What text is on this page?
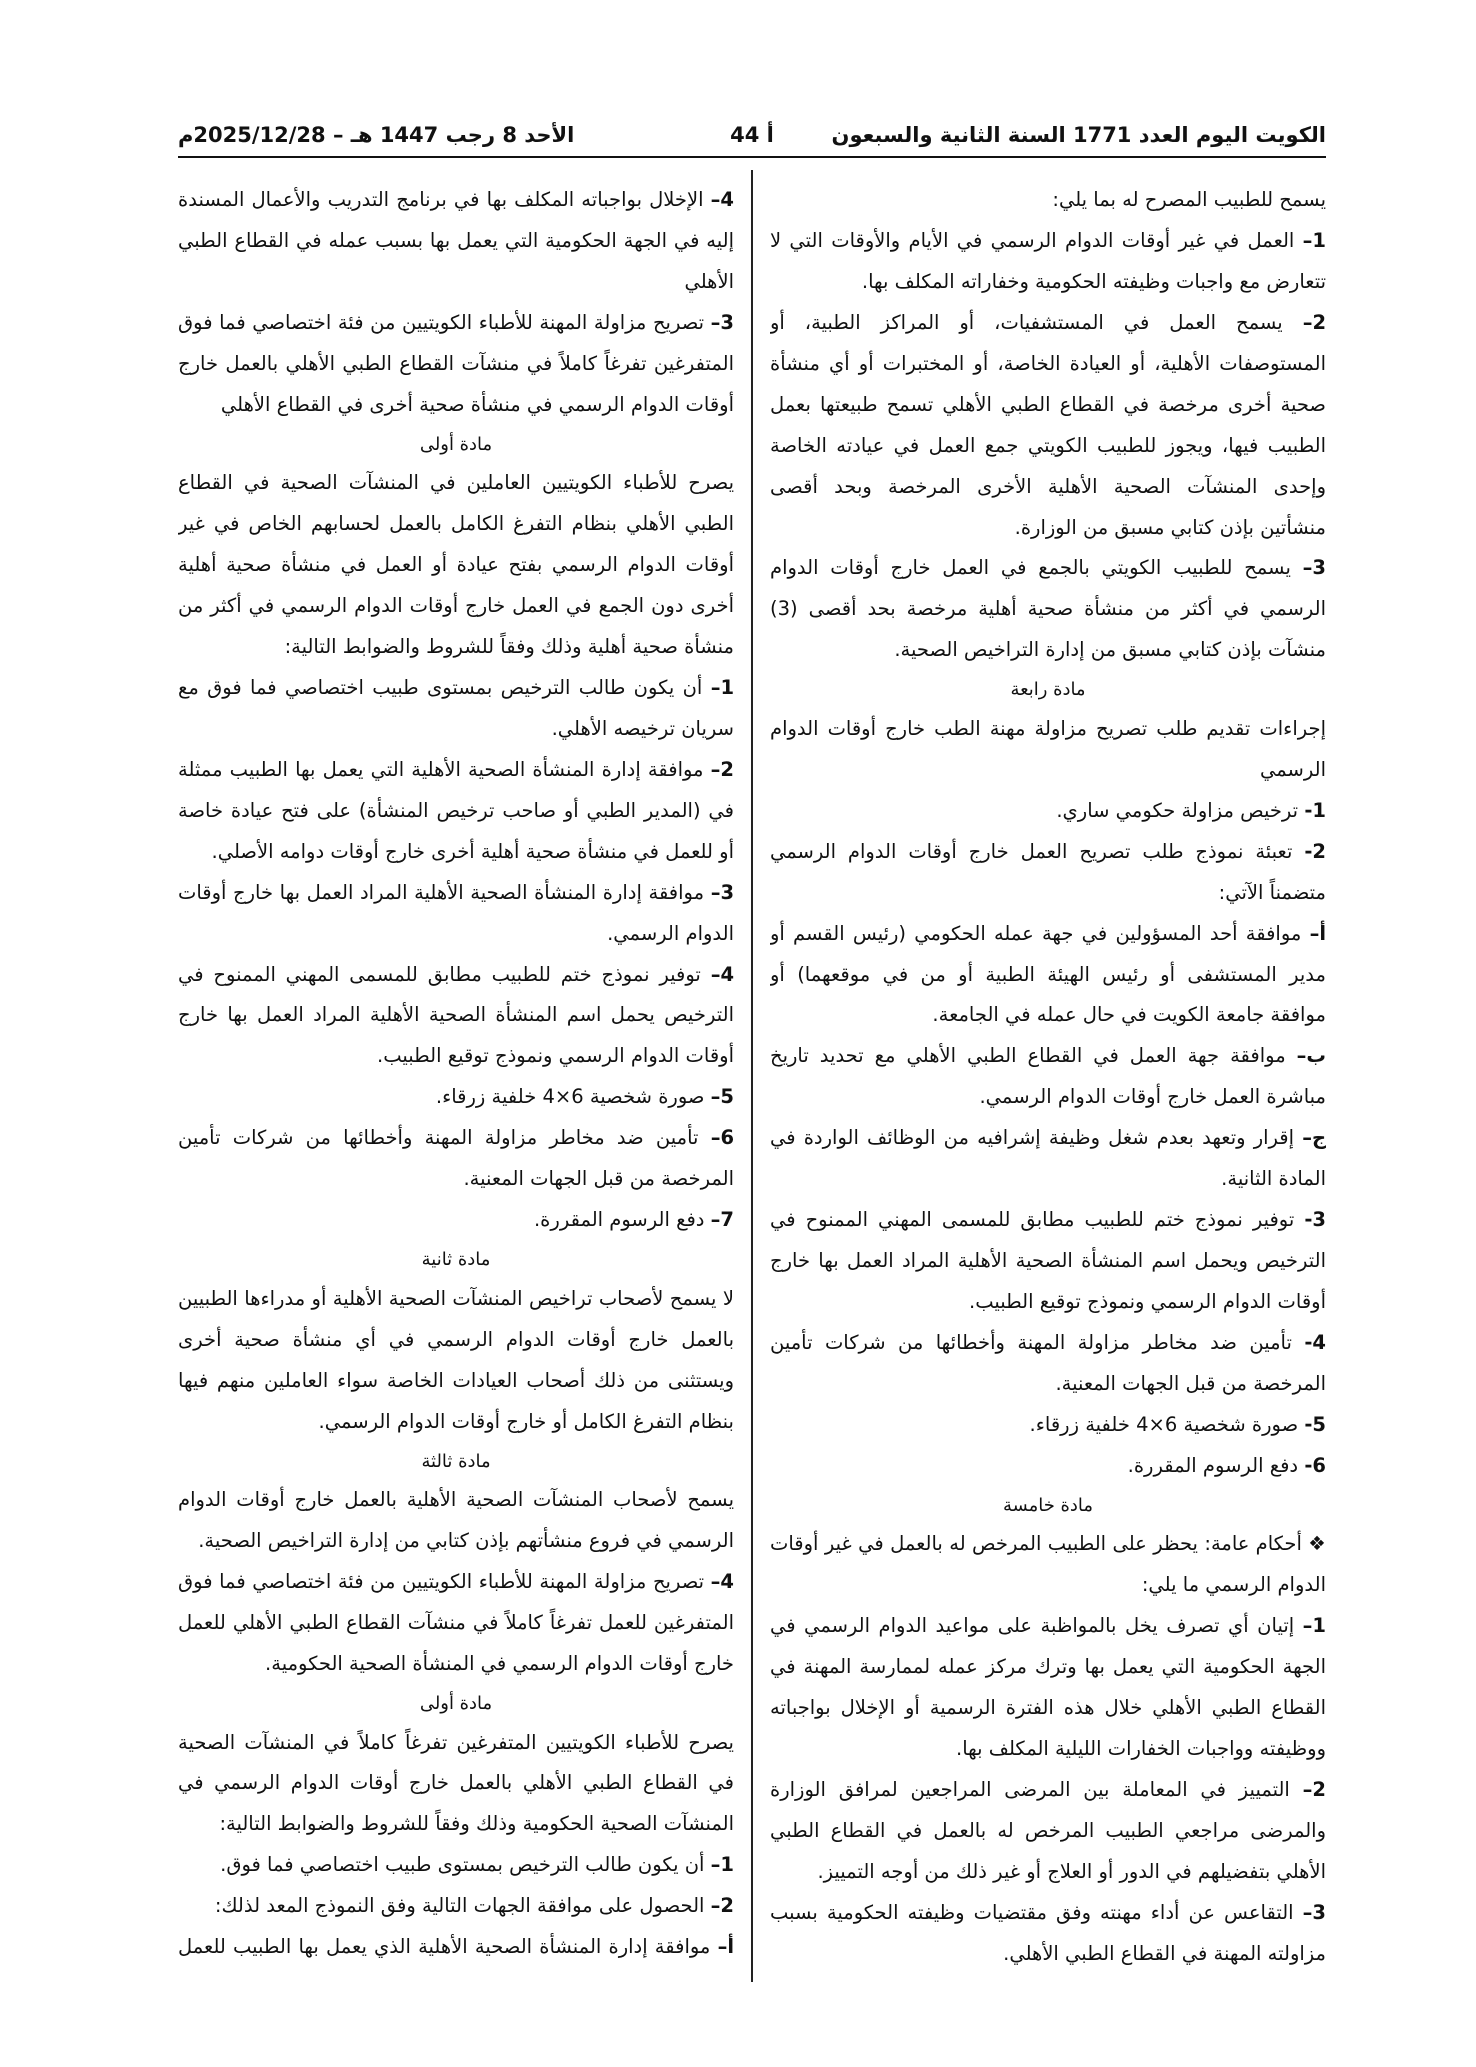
الكويت اليوم العدد 1771 السنة الثانية والسبعون
أ 44
الأحد 8 رجب 1447 هـ – 2025/12/28م

يسمح للطبيب المصرح له بما يلي:

1– العمل في غير أوقات الدوام الرسمي في الأيام والأوقات التي لا تتعارض مع واجبات وظيفته الحكومية وخفاراته المكلف بها.

2– يسمح العمل في المستشفيات، أو المراكز الطبية، أو المستوصفات الأهلية، أو العيادة الخاصة، أو المختبرات أو أي منشأة صحية أخرى مرخصة في القطاع الطبي الأهلي تسمح طبيعتها بعمل الطبيب فيها، ويجوز للطبيب الكويتي جمع العمل في عيادته الخاصة وإحدى المنشآت الصحية الأهلية الأخرى المرخصة وبحد أقصى منشأتين بإذن كتابي مسبق من الوزارة.

3– يسمح للطبيب الكويتي بالجمع في العمل خارج أوقات الدوام الرسمي في أكثر من منشأة صحية أهلية مرخصة بحد أقصى (3) منشآت بإذن كتابي مسبق من إدارة التراخيص الصحية.

مادة رابعة

إجراءات تقديم طلب تصريح مزاولة مهنة الطب خارج أوقات الدوام الرسمي

1- ترخيص مزاولة حكومي ساري.

2- تعبئة نموذج طلب تصريح العمل خارج أوقات الدوام الرسمي متضمناً الآتي:

أ– موافقة أحد المسؤولين في جهة عمله الحكومي (رئيس القسم أو مدير المستشفى أو رئيس الهيئة الطبية أو من في موقعهما) أو موافقة جامعة الكويت في حال عمله في الجامعة.

ب– موافقة جهة العمل في القطاع الطبي الأهلي مع تحديد تاريخ مباشرة العمل خارج أوقات الدوام الرسمي.

ج– إقرار وتعهد بعدم شغل وظيفة إشرافيه من الوظائف الواردة في المادة الثانية.

3- توفير نموذج ختم للطبيب مطابق للمسمى المهني الممنوح في الترخيص ويحمل اسم المنشأة الصحية الأهلية المراد العمل بها خارج أوقات الدوام الرسمي ونموذج توقيع الطبيب.

4- تأمين ضد مخاطر مزاولة المهنة وأخطائها من شركات تأمين المرخصة من قبل الجهات المعنية.

5- صورة شخصية 4×6 خلفية زرقاء.

6- دفع الرسوم المقررة.

مادة خامسة

❖ أحكام عامة: يحظر على الطبيب المرخص له بالعمل في غير أوقات الدوام الرسمي ما يلي:

1– إتيان أي تصرف يخل بالمواظبة على مواعيد الدوام الرسمي في الجهة الحكومية التي يعمل بها وترك مركز عمله لممارسة المهنة في القطاع الطبي الأهلي خلال هذه الفترة الرسمية أو الإخلال بواجباته ووظيفته وواجبات الخفارات الليلية المكلف بها.

2– التمييز في المعاملة بين المرضى المراجعين لمرافق الوزارة والمرضى مراجعي الطبيب المرخص له بالعمل في القطاع الطبي الأهلي بتفضيلهم في الدور أو العلاج أو غير ذلك من أوجه التمييز.

3– التقاعس عن أداء مهنته وفق مقتضيات وظيفته الحكومية بسبب مزاولته المهنة في القطاع الطبي الأهلي.

4– الإخلال بواجباته المكلف بها في برنامج التدريب والأعمال المسندة إليه في الجهة الحكومية التي يعمل بها بسبب عمله في القطاع الطبي الأهلي

3– تصريح مزاولة المهنة للأطباء الكويتيين من فئة اختصاصي فما فوق المتفرغين تفرغاً كاملاً في منشآت القطاع الطبي الأهلي بالعمل خارج أوقات الدوام الرسمي في منشأة صحية أخرى في القطاع الأهلي

مادة أولى

يصرح للأطباء الكويتيين العاملين في المنشآت الصحية في القطاع الطبي الأهلي بنظام التفرغ الكامل بالعمل لحسابهم الخاص في غير أوقات الدوام الرسمي بفتح عيادة أو العمل في منشأة صحية أهلية أخرى دون الجمع في العمل خارج أوقات الدوام الرسمي في أكثر من منشأة صحية أهلية وذلك وفقاً للشروط والضوابط التالية:

1– أن يكون طالب الترخيص بمستوى طبيب اختصاصي فما فوق مع سريان ترخيصه الأهلي.

2– موافقة إدارة المنشأة الصحية الأهلية التي يعمل بها الطبيب ممثلة في (المدير الطبي أو صاحب ترخيص المنشأة) على فتح عيادة خاصة أو للعمل في منشأة صحية أهلية أخرى خارج أوقات دوامه الأصلي.

3– موافقة إدارة المنشأة الصحية الأهلية المراد العمل بها خارج أوقات الدوام الرسمي.

4– توفير نموذج ختم للطبيب مطابق للمسمى المهني الممنوح في الترخيص يحمل اسم المنشأة الصحية الأهلية المراد العمل بها خارج أوقات الدوام الرسمي ونموذج توقيع الطبيب.

5– صورة شخصية 4×6 خلفية زرقاء.

6– تأمين ضد مخاطر مزاولة المهنة وأخطائها من شركات تأمين المرخصة من قبل الجهات المعنية.

7– دفع الرسوم المقررة.

مادة ثانية

لا يسمح لأصحاب تراخيص المنشآت الصحية الأهلية أو مدراءها الطبيين بالعمل خارج أوقات الدوام الرسمي في أي منشأة صحية أخرى ويستثنى من ذلك أصحاب العيادات الخاصة سواء العاملين منهم فيها بنظام التفرغ الكامل أو خارج أوقات الدوام الرسمي.

مادة ثالثة

يسمح لأصحاب المنشآت الصحية الأهلية بالعمل خارج أوقات الدوام الرسمي في فروع منشأتهم بإذن كتابي من إدارة التراخيص الصحية.

4– تصريح مزاولة المهنة للأطباء الكويتيين من فئة اختصاصي فما فوق المتفرغين للعمل تفرغاً كاملاً في منشآت القطاع الطبي الأهلي للعمل خارج أوقات الدوام الرسمي في المنشأة الصحية الحكومية.

مادة أولى

يصرح للأطباء الكويتيين المتفرغين تفرغاً كاملاً في المنشآت الصحية في القطاع الطبي الأهلي بالعمل خارج أوقات الدوام الرسمي في المنشآت الصحية الحكومية وذلك وفقاً للشروط والضوابط التالية:

1– أن يكون طالب الترخيص بمستوى طبيب اختصاصي فما فوق.

2– الحصول على موافقة الجهات التالية وفق النموذج المعد لذلك:

أ– موافقة إدارة المنشأة الصحية الأهلية الذي يعمل بها الطبيب للعمل
